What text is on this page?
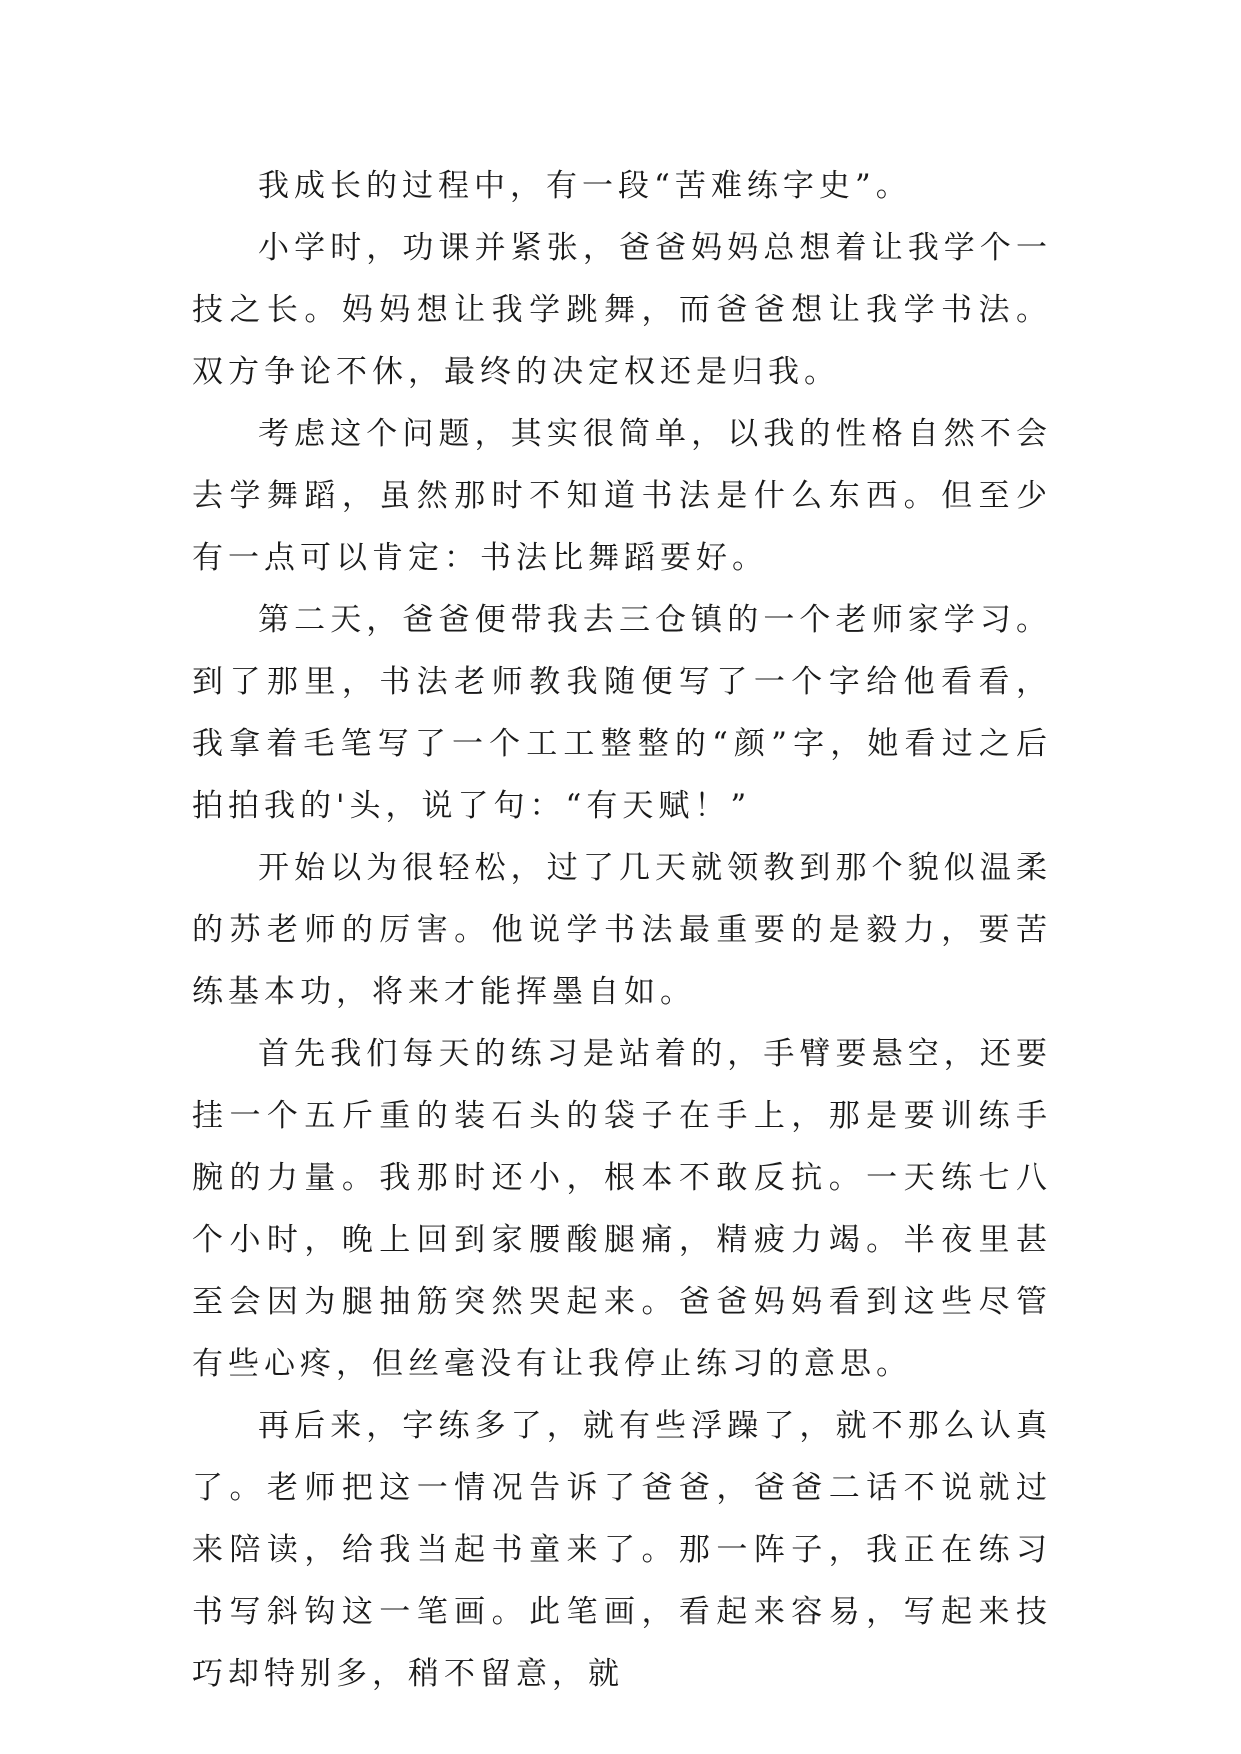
我成长的过程中，有一段“苦难练字史”。

小学时，功课并紧张，爸爸妈妈总想着让我学个一技之长。妈妈想让我学跳舞，而爸爸想让我学书法。双方争论不休，最终的决定权还是归我。

考虑这个问题，其实很简单，以我的性格自然不会去学舞蹈，虽然那时不知道书法是什么东西。但至少有一点可以肯定：书法比舞蹈要好。

第二天，爸爸便带我去三仓镇的一个老师家学习。到了那里，书法老师教我随便写了一个字给他看看，我拿着毛笔写了一个工工整整的“颜”字，她看过之后拍拍我的'头，说了句：“有天赋！”

开始以为很轻松，过了几天就领教到那个貌似温柔的苏老师的厉害。他说学书法最重要的是毅力，要苦练基本功，将来才能挥墨自如。

首先我们每天的练习是站着的，手臂要悬空，还要挂一个五斤重的装石头的袋子在手上，那是要训练手腕的力量。我那时还小，根本不敢反抗。一天练七八个小时，晚上回到家腰酸腿痛，精疲力竭。半夜里甚至会因为腿抽筋突然哭起来。爸爸妈妈看到这些尽管有些心疼，但丝毫没有让我停止练习的意思。

再后来，字练多了，就有些浮躁了，就不那么认真了。老师把这一情况告诉了爸爸，爸爸二话不说就过来陪读，给我当起书童来了。那一阵子，我正在练习书写斜钩这一笔画。此笔画，看起来容易，写起来技巧却特别多，稍不留意，就
